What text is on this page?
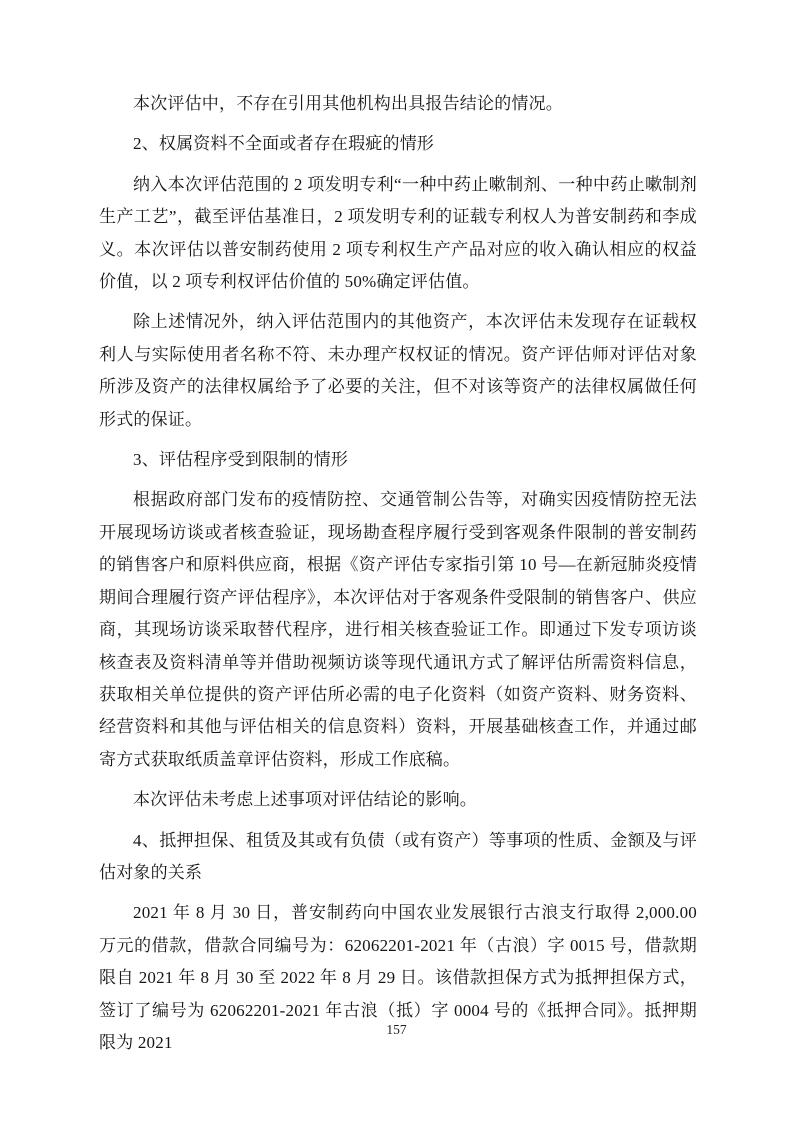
本次评估中，不存在引用其他机构出具报告结论的情况。

2、权属资料不全面或者存在瑕疵的情形

纳入本次评估范围的 2 项发明专利“一种中药止嗽制剂、一种中药止嗽制剂生产工艺”，截至评估基准日，2 项发明专利的证载专利权人为普安制药和李成义。本次评估以普安制药使用 2 项专利权生产产品对应的收入确认相应的权益价值，以 2 项专利权评估价值的 50%确定评估值。

除上述情况外，纳入评估范围内的其他资产，本次评估未发现存在证载权利人与实际使用者名称不符、未办理产权权证的情况。资产评估师对评估对象所涉及资产的法律权属给予了必要的关注，但不对该等资产的法律权属做任何形式的保证。

3、评估程序受到限制的情形

根据政府部门发布的疫情防控、交通管制公告等，对确实因疫情防控无法开展现场访谈或者核查验证，现场勘查程序履行受到客观条件限制的普安制药的销售客户和原料供应商，根据《资产评估专家指引第 10 号—在新冠肺炎疫情期间合理履行资产评估程序》，本次评估对于客观条件受限制的销售客户、供应商，其现场访谈采取替代程序，进行相关核查验证工作。即通过下发专项访谈核查表及资料清单等并借助视频访谈等现代通讯方式了解评估所需资料信息，获取相关单位提供的资产评估所必需的电子化资料（如资产资料、财务资料、经营资料和其他与评估相关的信息资料）资料，开展基础核查工作，并通过邮寄方式获取纸质盖章评估资料，形成工作底稿。

本次评估未考虑上述事项对评估结论的影响。

4、抵押担保、租赁及其或有负债（或有资产）等事项的性质、金额及与评估对象的关系

2021 年 8 月 30 日，普安制药向中国农业发展银行古浪支行取得 2,000.00 万元的借款，借款合同编号为：62062201-2021 年（古浪）字 0015 号，借款期限自 2021 年 8 月 30 至 2022 年 8 月 29 日。该借款担保方式为抵押担保方式，签订了编号为 62062201-2021 年古浪（抵）字 0004 号的《抵押合同》。抵押期限为 2021

157
